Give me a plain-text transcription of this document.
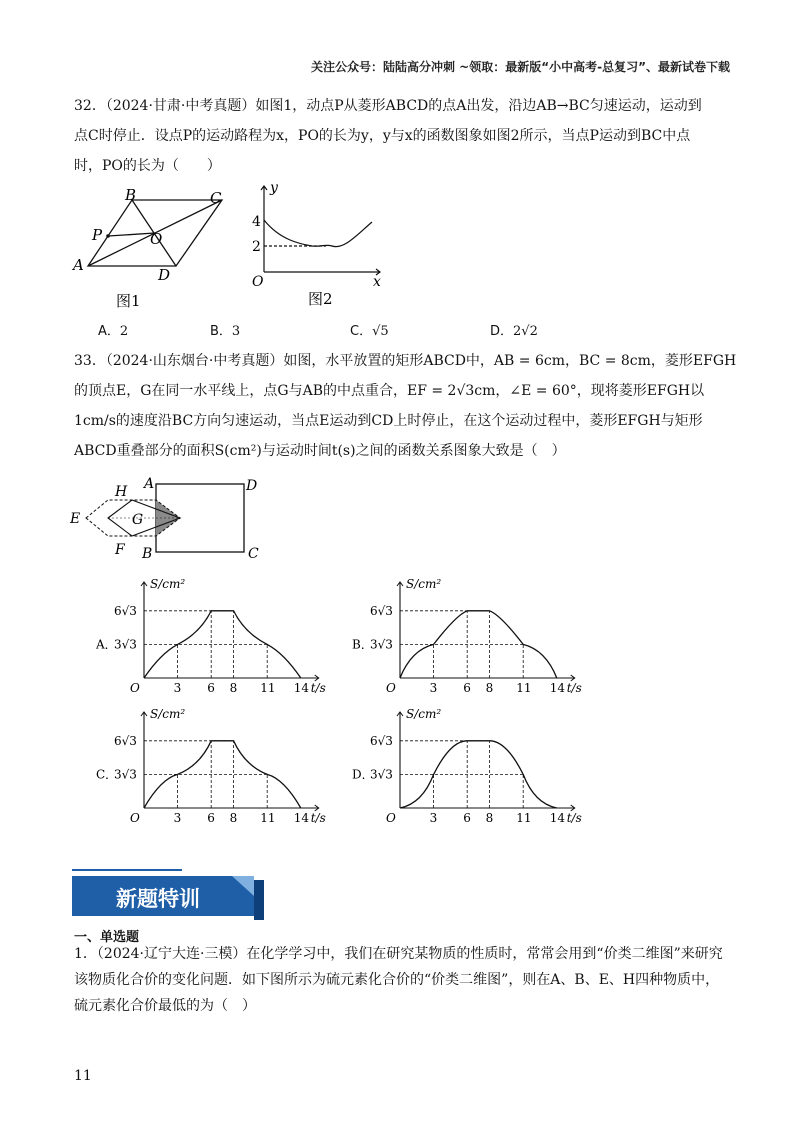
关注公众号：陆陆高分冲刺 ~领取：最新版“小中高考-总复习”、最新试卷下载
32．（2024·甘肃·中考真题）如图1，动点P从菱形ABCD的点A出发，沿边AB→BC匀速运动，运动到
点C时停止．设点P的运动路程为x，PO的长为y，y与x的函数图象如图2所示，当点P运动到BC中点
时，PO的长为（　　）
B	C
A
D
O
P
图1
y
x
O
4
2
图2
A．2	B．3	C．√5	D．2√2
33．（2024·山东烟台·中考真题）如图，水平放置的矩形ABCD中，AB = 6cm，BC = 8cm，菱形EFGH
的顶点E，G在同一水平线上，点G与AB的中点重合，EF = 2√3cm，∠E = 60°，现将菱形EFGH以
1cm/s的速度沿BC方向匀速运动，当点E运动到CD上时停止，在这个运动过程中，菱形EFGH与矩形
ABCD重叠部分的面积S(cm²)与运动时间t(s)之间的函数关系图象大致是（　）
A	D
B	C
E
H
F
G
3 6 8 11 14
6√3
3√3
O
S/cm²
t/s
A．
3 6 8 11 14
6√3
3√3
O
S/cm²
t/s
B．
3 6 8 11 14
6√3
3√3
O
S/cm²
t/s
C．
3 6 8 11 14
6√3
3√3
O
S/cm²
t/s
D．
新题特训
一、单选题
1．（2024·辽宁大连·三模）在化学学习中，我们在研究某物质的性质时，常常会用到“价类二维图”来研究
该物质化合价的变化问题．如下图所示为硫元素化合价的“价类二维图”，则在A、B、E、H四种物质中，
硫元素化合价最低的为（　）
11
